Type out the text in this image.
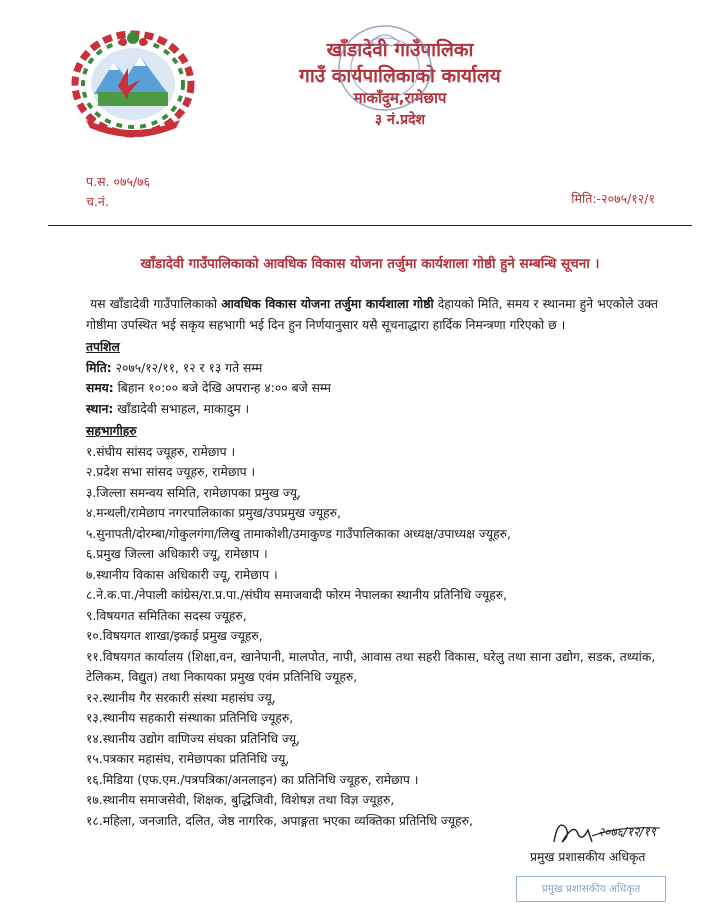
खाँडादेवी गाउँपालिका
गाउँ कार्यपालिकाको कार्यालय
माकाँदुम,रामेछाप
३ नं.प्रदेश
प.स. ०७५/७६
च.नं.	मिति:-२०७५/१२/१
खाँडादेवी गाउँपालिकाको आवधिक विकास योजना तर्जुमा कार्यशाला गोष्ठी हुने सम्बन्धि सूचना ।

यस खाँडादेवी गाउँपालिकाको आवधिक विकास योजना तर्जुमा कार्यशाला गोष्ठी देहायको मिति, समय र स्थानमा हुने भएकोले उक्त गोष्ठीमा उपस्थित भई सकृय सहभागी भई दिन हुन निर्णयानुसार यसै सूचनाद्धारा हार्दिक निमन्त्रणा गरिएको छ ।

तपशिल
मिति: २०७५/१२/११, १२ र १३ गते सम्म
समय: बिहान १०:०० बजे देखि अपरान्ह ४:०० बजे सम्म
स्थान: खाँडादेवी सभाहल, माकादुम ।
सहभागीहरु
१.संघीय सांसद ज्यूहरु, रामेछाप ।
२.प्रदेश सभा सांसद ज्यूहरु, रामेछाप ।
३.जिल्ला समन्वय समिति, रामेछापका प्रमुख ज्यू,
४.मन्थली/रामेछाप नगरपालिकाका प्रमुख/उपप्रमुख ज्यूहरु,
५.सुनापती/दोरम्बा/गोकुलगंगा/लिखु तामाकोशी/उमाकुण्ड गाउँपालिकाका अध्यक्ष/उपाध्यक्ष ज्यूहरु,
६.प्रमुख जिल्ला अधिकारी ज्यू, रामेछाप ।
७.स्थानीय विकास अधिकारी ज्यू, रामेछाप ।
८.ने.क.पा./नेपाली कांग्रेस/रा.प्र.पा./संघीय समाजवादी फोरम नेपालका स्थानीय प्रतिनिधि ज्यूहरु,
९.विषयगत समितिका सदस्य ज्यूहरु,
१०.विषयगत शाखा/इकाई प्रमुख ज्यूहरु,
११.विषयगत कार्यालय (शिक्षा,वन, खानेपानी, मालपोत, नापी, आवास तथा सहरी विकास, घरेलु तथा साना उद्योग, सडक, तथ्यांक, टेलिकम, विद्युत) तथा निकायका प्रमुख एवंम प्रतिनिधि ज्यूहरु,
१२.स्थानीय गैर सरकारी संस्था महासंघ ज्यू,
१३.स्थानीय सहकारी संस्थाका प्रतिनिधि ज्यूहरु,
१४.स्थानीय उद्योग वाणिज्य संघका प्रतिनिधि ज्यू,
१५.पत्रकार महासंघ, रामेछापका प्रतिनिधि ज्यू,
१६.मिडिया (एफ.एम./पत्रपत्रिका/अनलाइन) का प्रतिनिधि ज्यूहरु, रामेछाप ।
१७.स्थानीय समाजसेवी, शिक्षक, बुद्धिजिवी, विशेषज्ञ तथा विज्ञ ज्यूहरु,
१८.महिला, जनजाति, दलित, जेष्ठ नागरिक, अपाङ्गता भएका व्यक्तिका प्रतिनिधि ज्यूहरु,
२०७६/१२/१९
प्रमुख प्रशासकीय अधिकृत
प्रमुख प्रशासकीय अधिकृत
